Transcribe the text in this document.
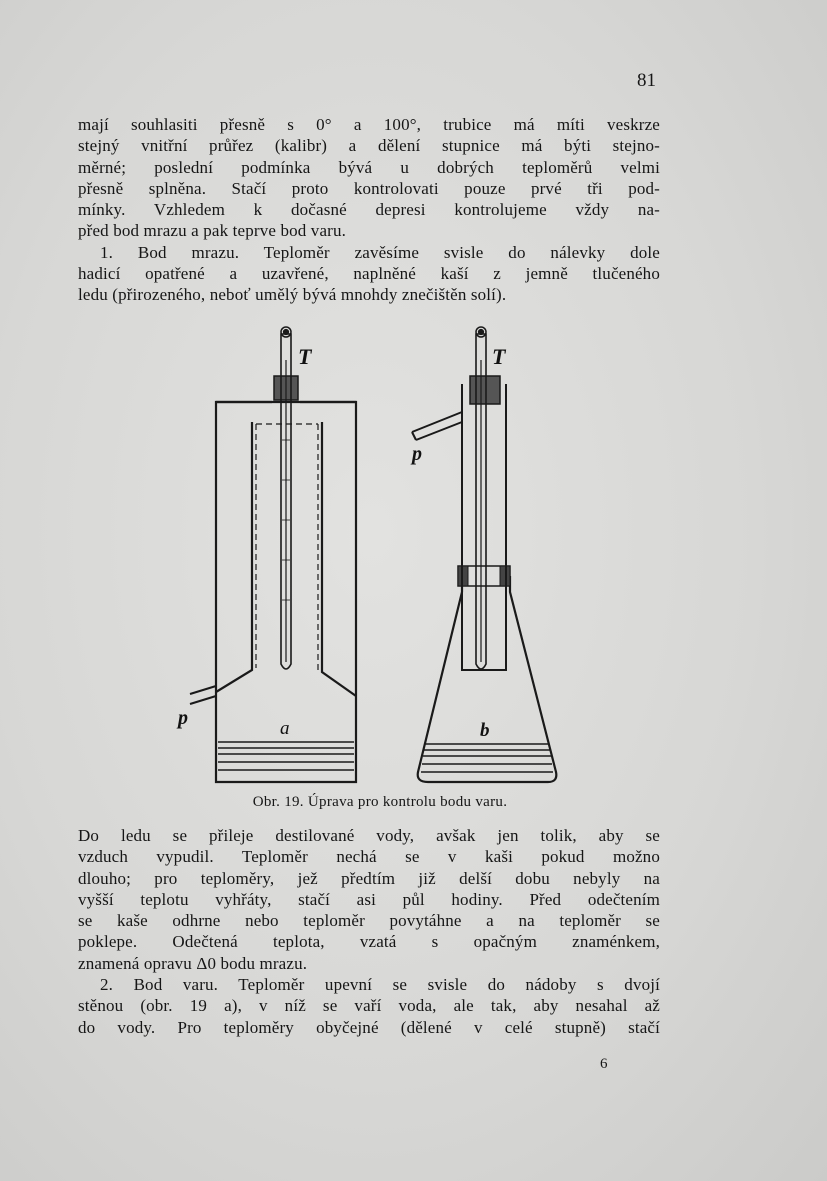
81

mají souhlasiti přesně s 0° a 100°, trubice má míti veskrze
stejný vnitřní průřez (kalibr) a dělení stupnice má býti stejno-
měrné; poslední podmínka bývá u dobrých teploměrů velmi
přesně splněna. Stačí proto kontrolovati pouze prvé tři pod-
mínky. Vzhledem k dočasné depresi kontrolujeme vždy na-
před bod mrazu a pak teprve bod varu.

1. Bod mrazu. Teploměr zavěsíme svisle do nálevky dole
hadicí opatřené a uzavřené, naplněné kaší z jemně tlučeného
ledu (přirozeného, neboť umělý bývá mnohdy znečištěn solí).

T	T
p
p
a	b
Obr. 19. Úprava pro kontrolu bodu varu.

Do ledu se přileje destilované vody, avšak jen tolik, aby se
vzduch vypudil. Teploměr nechá se v kaši pokud možno
dlouho; pro teploměry, jež předtím již delší dobu nebyly na
vyšší teplotu vyhřáty, stačí asi půl hodiny. Před odečtením
se kaše odhrne nebo teploměr povytáhne a na teploměr se
poklepe. Odečtená teplota, vzatá s opačným znaménkem,
znamená opravu Δ0 bodu mrazu.

2. Bod varu. Teploměr upevní se svisle do nádoby s dvojí
stěnou (obr. 19 a), v níž se vaří voda, ale tak, aby nesahal až
do vody. Pro teploměry obyčejné (dělené v celé stupně) stačí

6
